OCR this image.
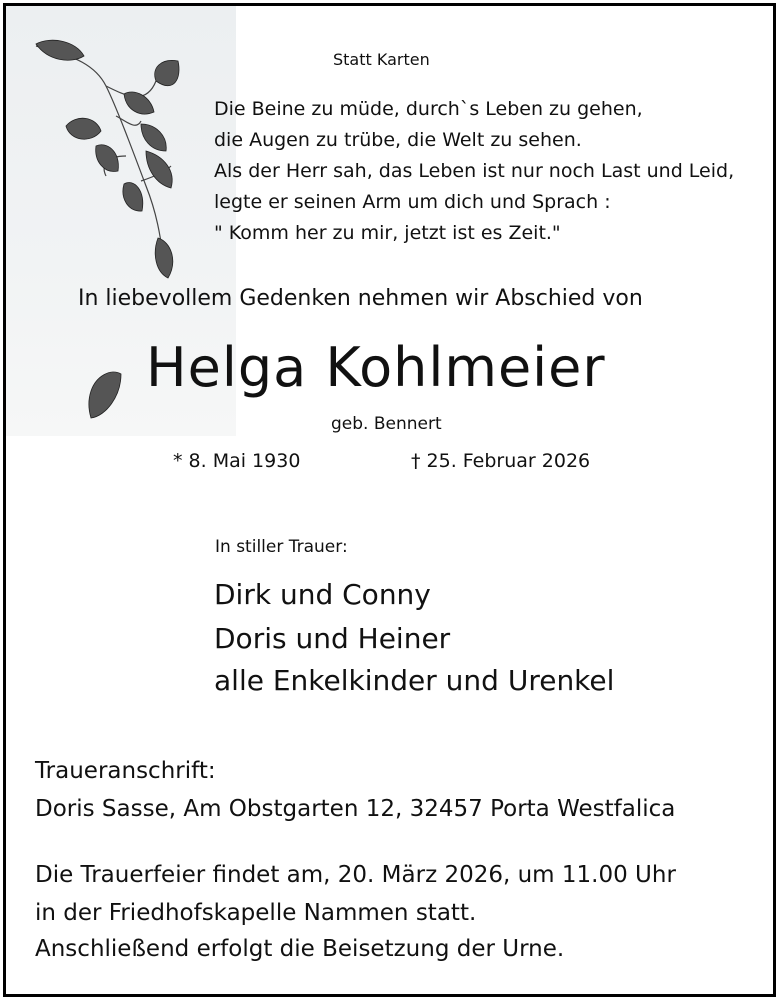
Statt Karten
Die Beine zu müde, durch`s Leben zu gehen,
die Augen zu trübe, die Welt zu sehen.
Als der Herr sah, das Leben ist nur noch Last und Leid,
legte er seinen Arm um dich und Sprach :
" Komm her zu mir, jetzt ist es Zeit."
In liebevollem Gedenken nehmen wir Abschied von
Helga Kohlmeier
geb. Bennert
* 8. Mai 1930	† 25. Februar 2026
In stiller Trauer:
Dirk und Conny
Doris und Heiner
alle Enkelkinder und Urenkel
Traueranschrift:
Doris Sasse, Am Obstgarten 12, 32457 Porta Westfalica
Die Trauerfeier findet am, 20. März 2026, um 11.00 Uhr
in der Friedhofskapelle Nammen statt.
Anschließend erfolgt die Beisetzung der Urne.
